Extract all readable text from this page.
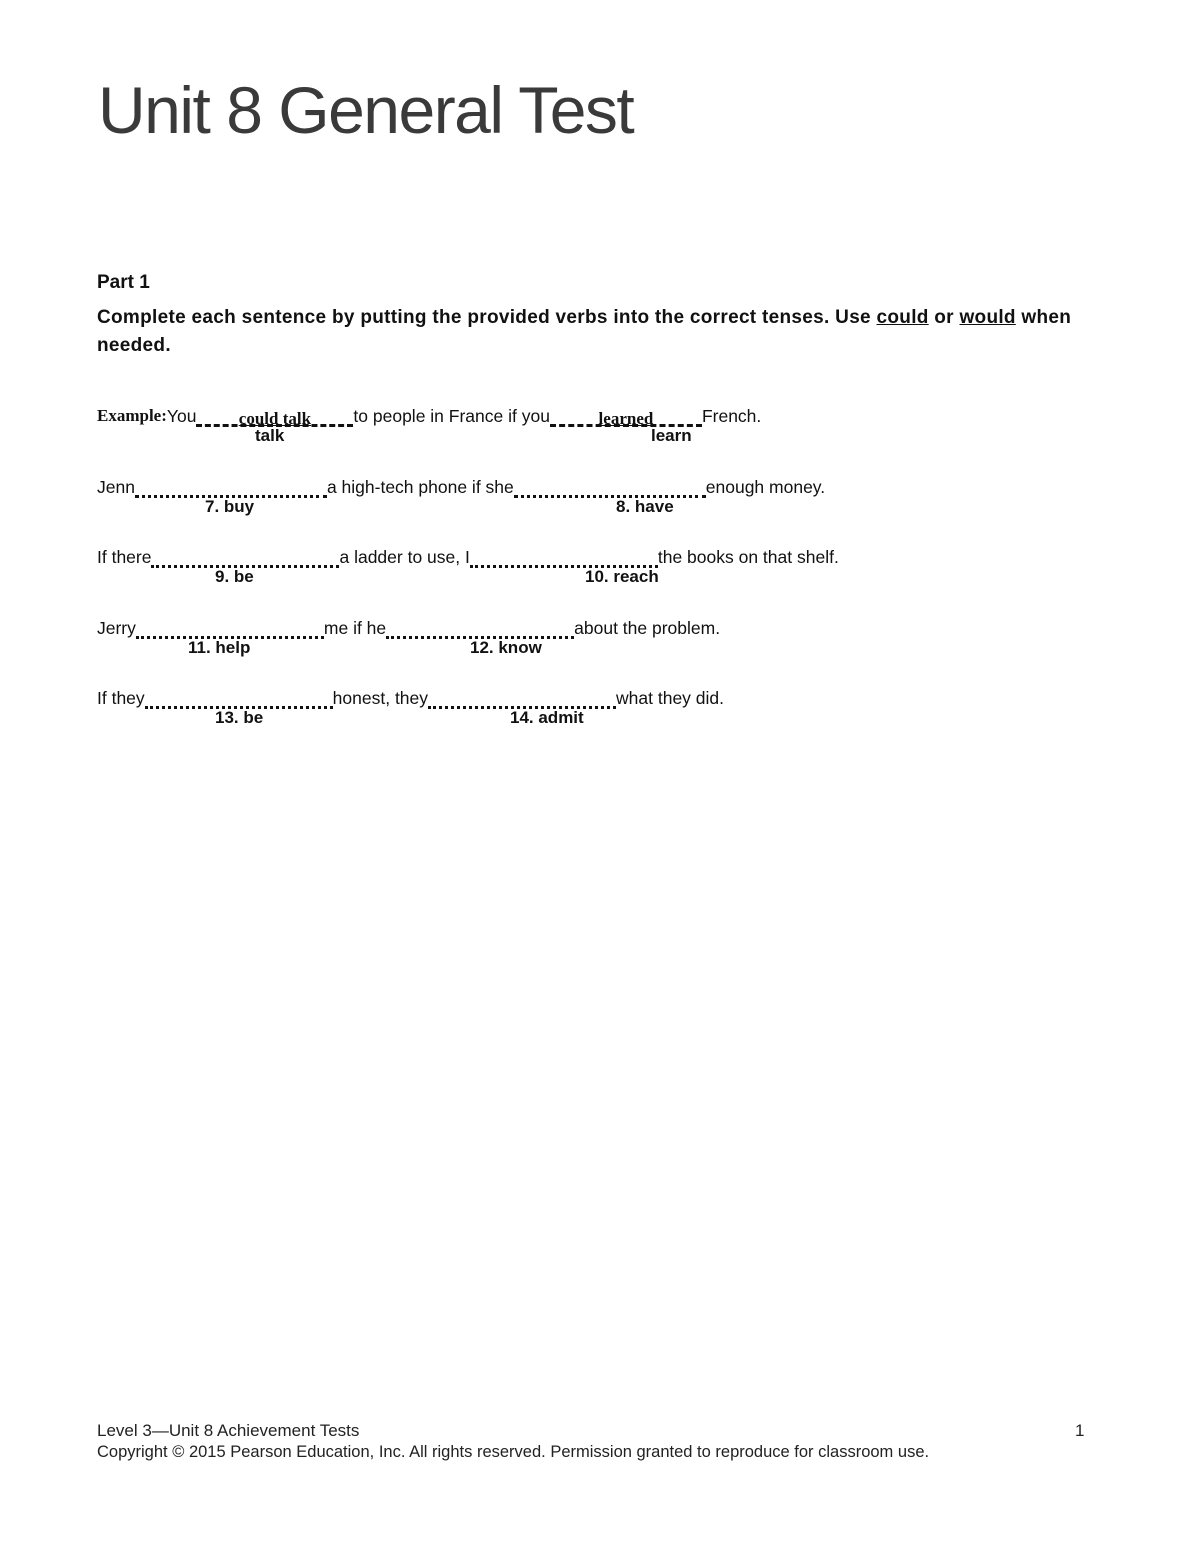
Unit 8 General Test
Part 1

Complete each sentence by putting the provided verbs into the correct tenses. Use could or would when needed.

Example:Youcould talkto people in France if you	learned	French.
talk	learn
Jenn	a high-tech phone if she	enough money.
7. buy	8. have
If there	a ladder to use, I	the books on that shelf.
9. be	10. reach
Jerry	me if he	about the problem.
11. help	12. know
If they	honest, they	what they did.
13. be	14. admit
Level 3—Unit 8 Achievement Tests	1
Copyright © 2015 Pearson Education, Inc. All rights reserved. Permission granted to reproduce for classroom use.
